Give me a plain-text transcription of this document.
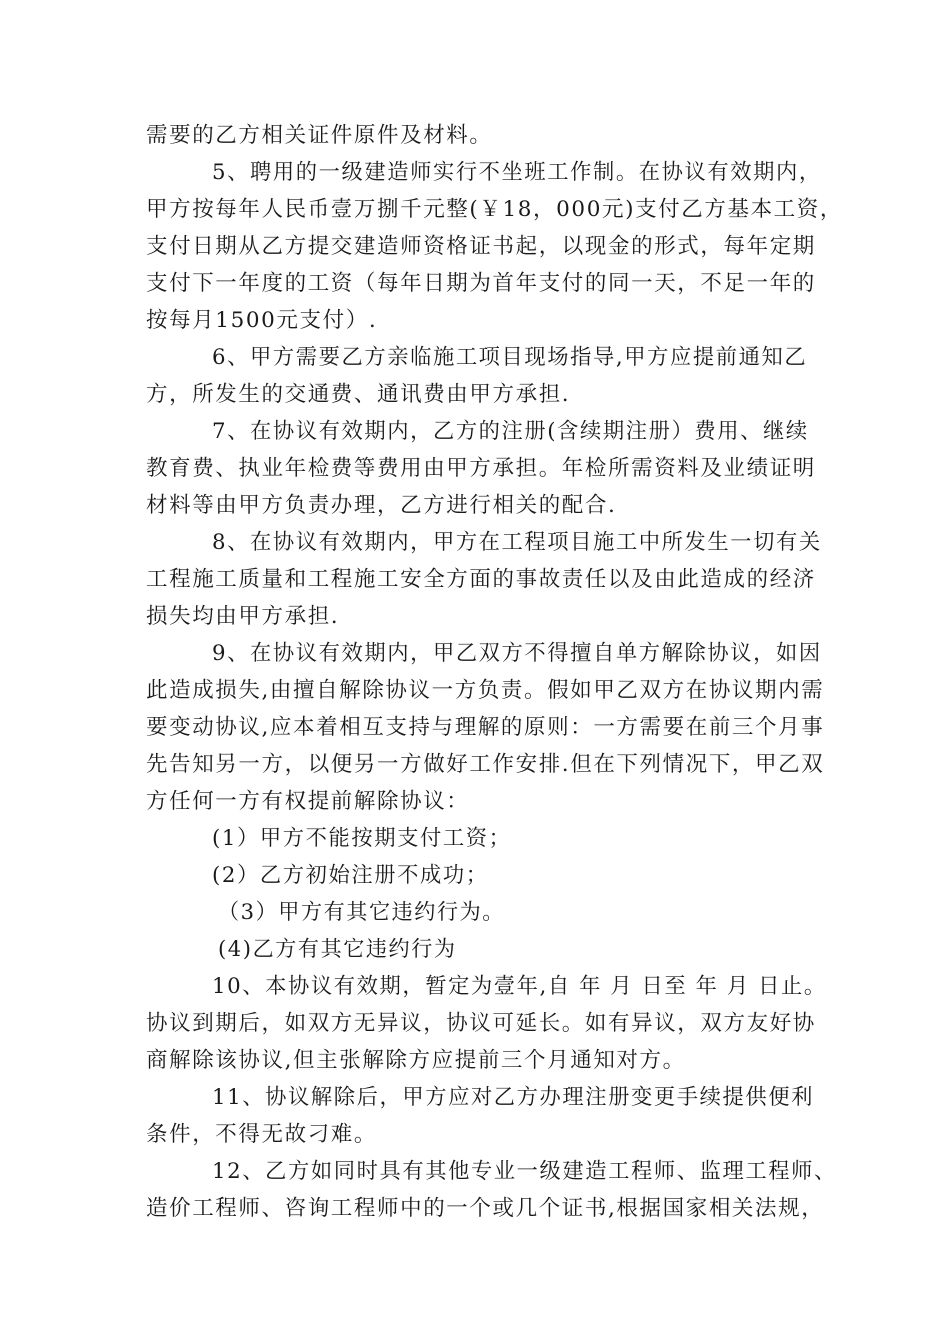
需要的乙方相关证件原件及材料。
5、聘用的一级建造师实行不坐班工作制。在协议有效期内，
甲方按每年人民币壹万捌千元整(￥18，000元)支付乙方基本工资，
支付日期从乙方提交建造师资格证书起，以现金的形式，每年定期
支付下一年度的工资（每年日期为首年支付的同一天，不足一年的
按每月1500元支付）.
6、甲方需要乙方亲临施工项目现场指导,甲方应提前通知乙
方，所发生的交通费、通讯费由甲方承担.
7、在协议有效期内，乙方的注册(含续期注册）费用、继续
教育费、执业年检费等费用由甲方承担。年检所需资料及业绩证明
材料等由甲方负责办理，乙方进行相关的配合.
8、在协议有效期内，甲方在工程项目施工中所发生一切有关
工程施工质量和工程施工安全方面的事故责任以及由此造成的经济
损失均由甲方承担.
9、在协议有效期内，甲乙双方不得擅自单方解除协议，如因
此造成损失,由擅自解除协议一方负责。假如甲乙双方在协议期内需
要变动协议,应本着相互支持与理解的原则：一方需要在前三个月事
先告知另一方，以便另一方做好工作安排.但在下列情况下，甲乙双
方任何一方有权提前解除协议：
(1）甲方不能按期支付工资；
(2）乙方初始注册不成功；
（3）甲方有其它违约行为。
(4)乙方有其它违约行为
10、本协议有效期，暂定为壹年,自 年 月 日至 年 月 日止。
协议到期后，如双方无异议，协议可延长。如有异议，双方友好协
商解除该协议,但主张解除方应提前三个月通知对方。
11、协议解除后，甲方应对乙方办理注册变更手续提供便利
条件，不得无故刁难。
12、乙方如同时具有其他专业一级建造工程师、监理工程师、
造价工程师、咨询工程师中的一个或几个证书,根据国家相关法规，
